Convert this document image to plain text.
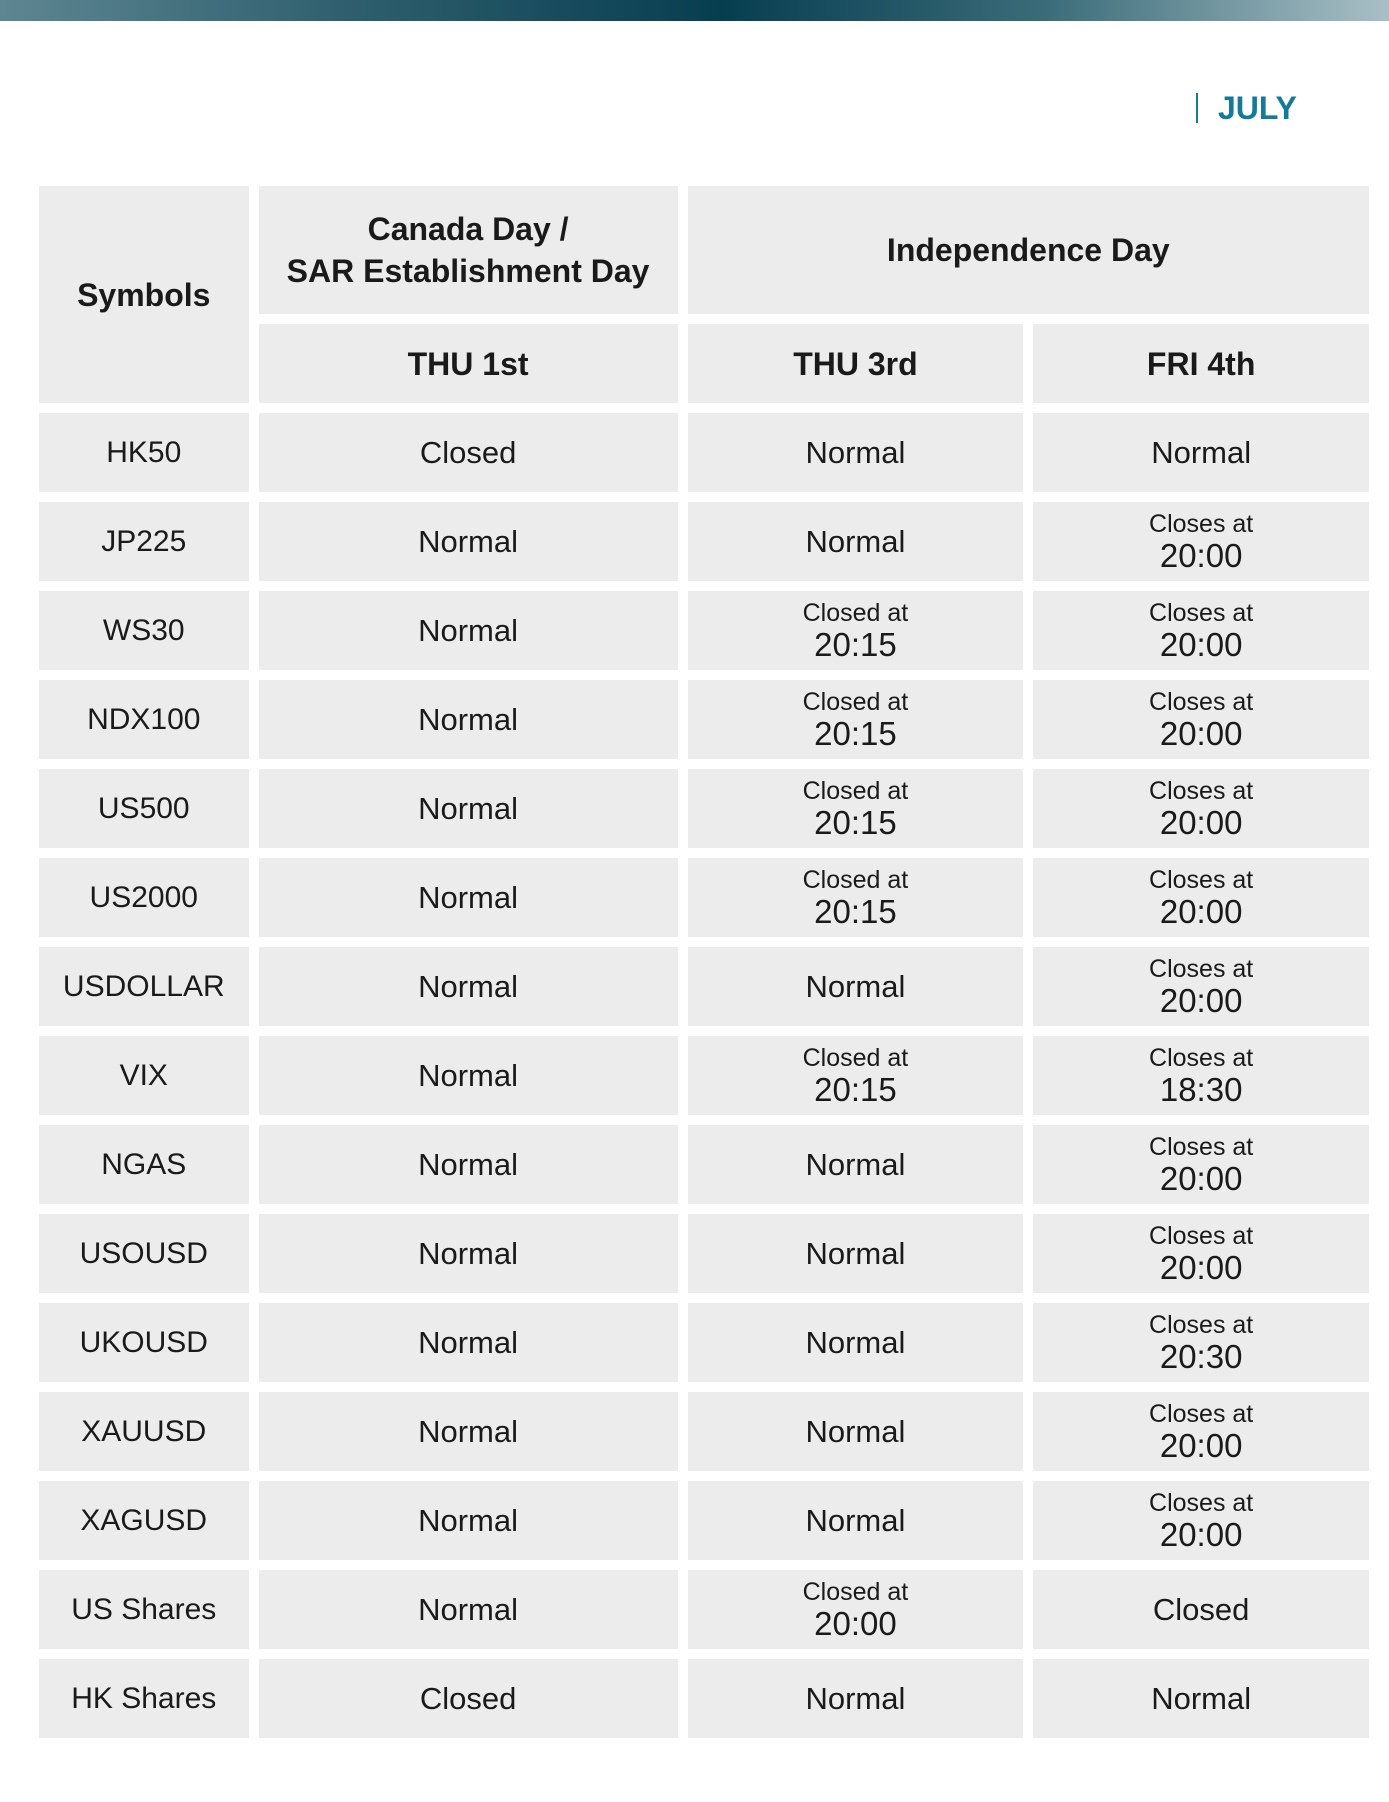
JULY
Symbols	Canada Day /
SAR Establishment Day	Independence Day	
	THU 1st	THU 3rd	FRI 4th
HK50	Closed	Normal	Normal
JP225	Normal	Normal	Closes at
20:00

WS30	Normal	Closed at
20:15	Closes at
20:00

NDX100	Normal	Closed at
20:15	Closes at
20:00

US500	Normal	Closed at
20:15	Closes at
20:00

US2000	Normal	Closed at
20:15	Closes at
20:00

USDOLLAR	Normal	Normal	Closes at
20:00

VIX	Normal	Closed at
20:15	Closes at
18:30

NGAS	Normal	Normal	Closes at
20:00

USOUSD	Normal	Normal	Closes at
20:00

UKOUSD	Normal	Normal	Closes at
20:30

XAUUSD	Normal	Normal	Closes at
20:00

XAGUSD	Normal	Normal	Closes at
20:00

US Shares	Normal	Closed at
20:00	Closed
HK Shares	Closed	Normal	Normal
